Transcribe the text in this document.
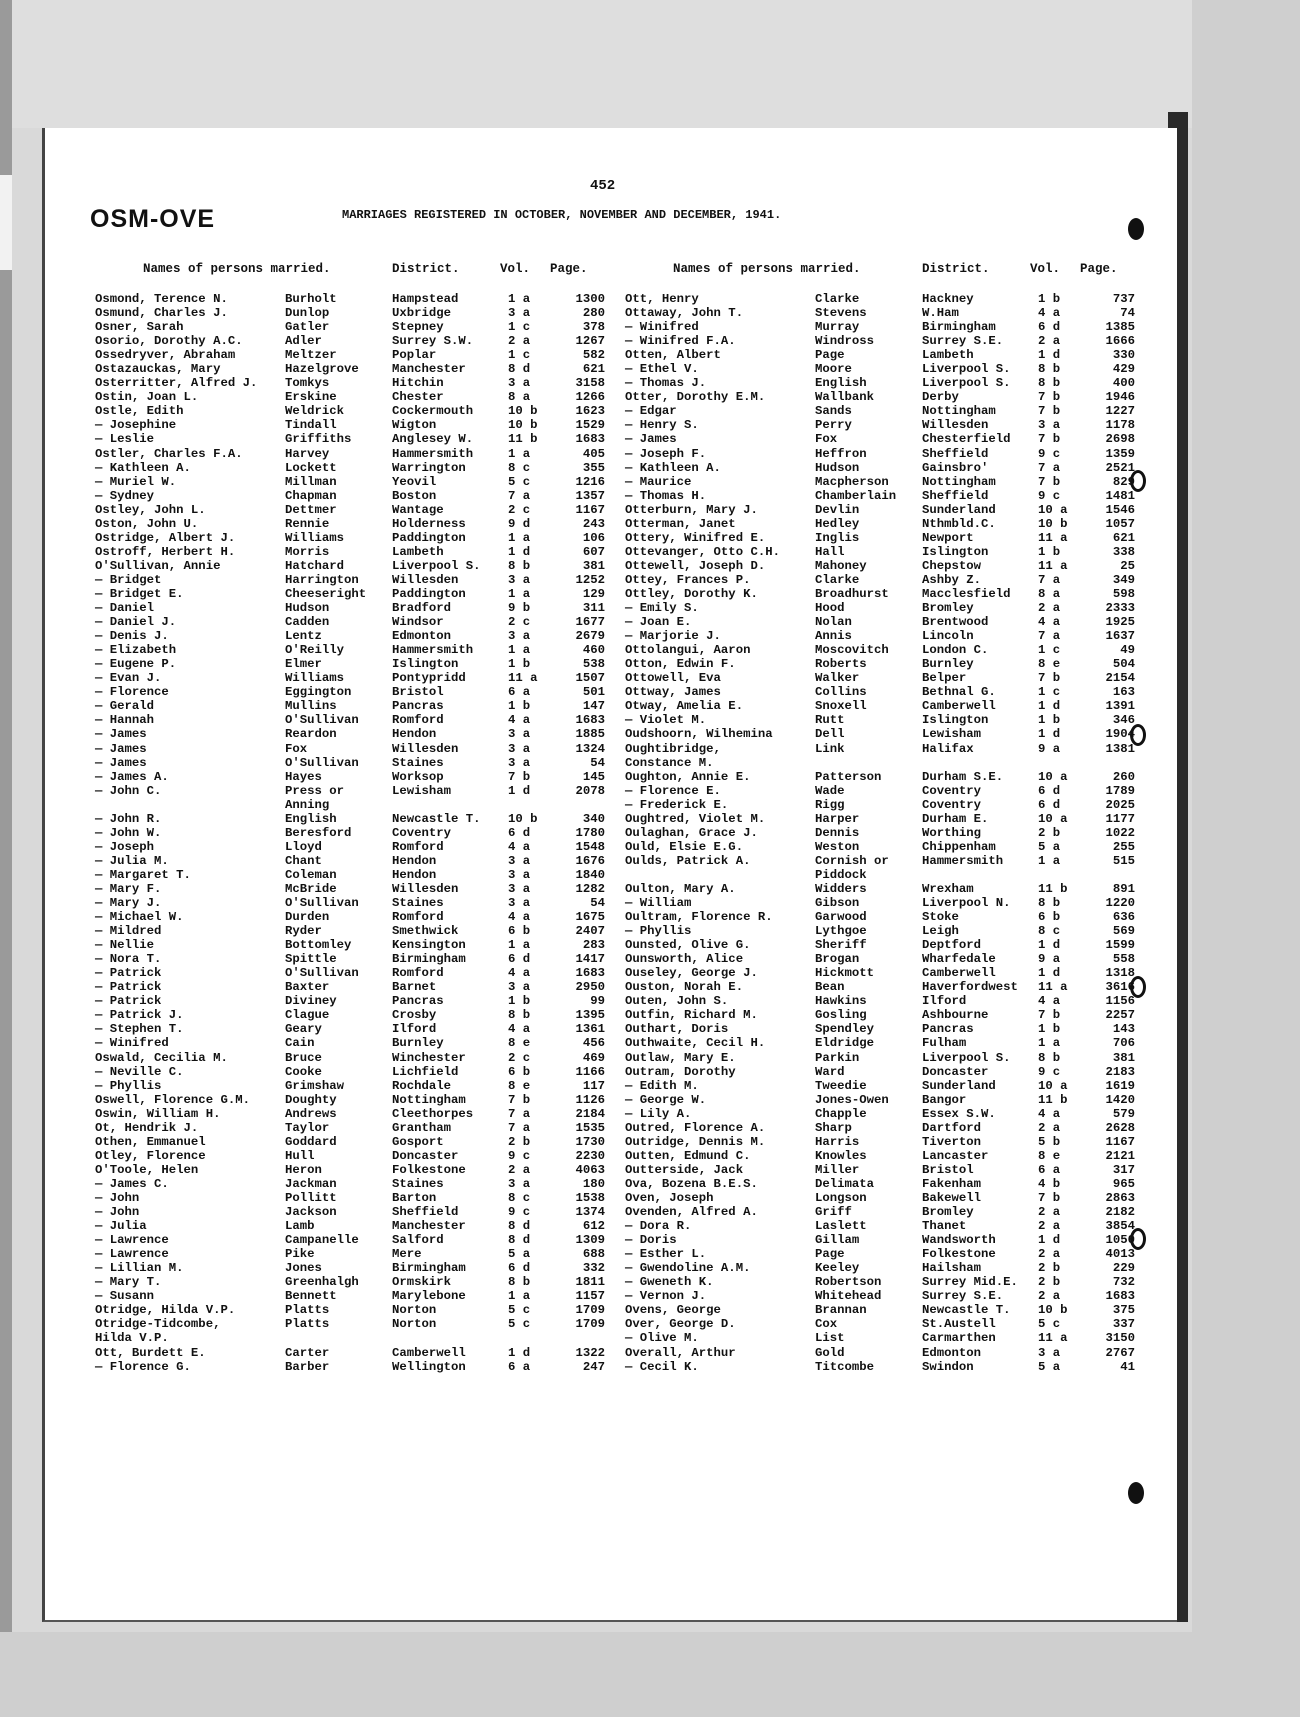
452
OSM-OVE	MARRIAGES REGISTERED IN OCTOBER, NOVEMBER AND DECEMBER, 1941.
Names of persons married.	District.	Vol. Page.
Osmond, Terence N.	Burholt	Hampstead	1 a	1300
Osmund, Charles J.	Dunlop	Uxbridge	3 a	280
Osner, Sarah	Gatler	Stepney	1 c	378
Osorio, Dorothy A.C.	Adler	Surrey S.W.	2 a	1267
Ossedryver, Abraham	Meltzer	Poplar	1 c	582
Ostazauckas, Mary	Hazelgrove	Manchester	8 d	621
Osterritter, Alfred J. Tomkys	Hitchin	3 a	3158
Ostin, Joan L.	Erskine	Chester	8 a	1266
Ostle, Edith	Weldrick	Cockermouth	10 b	1623
— Josephine	Tindall	Wigton	10 b	1529
— Leslie	Griffiths	Anglesey W.	11 b	1683
Ostler, Charles F.A.	Harvey	Hammersmith	1 a	405
— Kathleen A.	Lockett	Warrington	8 c	355
— Muriel W.	Millman	Yeovil	5 c	1216
— Sydney	Chapman	Boston	7 a	1357
Ostley, John L.	Dettmer	Wantage	2 c	1167
Oston, John U.	Rennie	Holderness	9 d	243
Ostridge, Albert J.	Williams	Paddington	1 a	106
Ostroff, Herbert H.	Morris	Lambeth	1 d	607
O'Sullivan, Annie	Hatchard	Liverpool S. 8 b	381
— Bridget	Harrington	Willesden	3 a	1252
— Bridget E.	Cheeseright Paddington	1 a	129
— Daniel	Hudson	Bradford	9 b	311
— Daniel J.	Cadden	Windsor	2 c	1677
— Denis J.	Lentz	Edmonton	3 a	2679
— Elizabeth	O'Reilly	Hammersmith	1 a	460
— Eugene P.	Elmer	Islington	1 b	538
— Evan J.	Williams	Pontypridd	11 a	1507
— Florence	Eggington	Bristol	6 a	501
— Gerald	Mullins	Pancras	1 b	147
— Hannah	O'Sullivan	Romford	4 a	1683
— James	Reardon	Hendon	3 a	1885
— James	Fox	Willesden	3 a	1324
— James	O'Sullivan	Staines	3 a	54
— James A.	Hayes	Worksop	7 b	145
— John C.	Press or	Lewisham	1 d	2078
Anning
— John R.	English	Newcastle T. 10 b	340
— John W.	Beresford	Coventry	6 d	1780
— Joseph	Lloyd	Romford	4 a	1548
— Julia M.	Chant	Hendon	3 a	1676
— Margaret T.	Coleman	Hendon	3 a	1840
— Mary F.	McBride	Willesden	3 a	1282
— Mary J.	O'Sullivan	Staines	3 a	54
— Michael W.	Durden	Romford	4 a	1675
— Mildred	Ryder	Smethwick	6 b	2407
— Nellie	Bottomley	Kensington	1 a	283
— Nora T.	Spittle	Birmingham	6 d	1417
— Patrick	O'Sullivan	Romford	4 a	1683
— Patrick	Baxter	Barnet	3 a	2950
— Patrick	Diviney	Pancras	1 b	99
— Patrick J.	Clague	Crosby	8 b	1395
— Stephen T.	Geary	Ilford	4 a	1361
— Winifred	Cain	Burnley	8 e	456
Oswald, Cecilia M.	Bruce	Winchester	2 c	469
— Neville C.	Cooke	Lichfield	6 b	1166
— Phyllis	Grimshaw	Rochdale	8 e	117
Oswell, Florence G.M.	Doughty	Nottingham	7 b	1126
Oswin, William H.	Andrews	Cleethorpes	7 a	2184
Ot, Hendrik J.	Taylor	Grantham	7 a	1535
Othen, Emmanuel	Goddard	Gosport	2 b	1730
Otley, Florence	Hull	Doncaster	9 c	2230
O'Toole, Helen	Heron	Folkestone	2 a	4063
— James C.	Jackman	Staines	3 a	180
— John	Pollitt	Barton	8 c	1538
— John	Jackson	Sheffield	9 c	1374
— Julia	Lamb	Manchester	8 d	612
— Lawrence	Campanelle	Salford	8 d	1309
— Lawrence	Pike	Mere	5 a	688
— Lillian M.	Jones	Birmingham	6 d	332
— Mary T.	Greenhalgh	Ormskirk	8 b	1811
— Susann	Bennett	Marylebone	1 a	1157
Otridge, Hilda V.P.	Platts	Norton	5 c	1709
Otridge-Tidcombe,	Platts	Norton	5 c	1709
Hilda V.P.
Ott, Burdett E.	Carter	Camberwell	1 d	1322
— Florence G.	Barber	Wellington	6 a	247
Names of persons married.	District.	Vol. Page.
Ott, Henry	Clarke	Hackney	1 b	737
Ottaway, John T.	Stevens	W.Ham	4 a	74
— Winifred	Murray	Birmingham	6 d	1385
— Winifred F.A.	Windross	Surrey S.E.	2 a	1666
Otten, Albert	Page	Lambeth	1 d	330
— Ethel V.	Moore	Liverpool S. 8 b	429
— Thomas J.	English	Liverpool S. 8 b	400
Otter, Dorothy E.M.	Wallbank	Derby	7 b	1946
— Edgar	Sands	Nottingham	7 b	1227
— Henry S.	Perry	Willesden	3 a	1178
— James	Fox	Chesterfield 7 b	2698
— Joseph F.	Heffron	Sheffield	9 c	1359
— Kathleen A.	Hudson	Gainsbro'	7 a	2521
— Maurice	Macpherson	Nottingham	7 b	829
— Thomas H.	Chamberlain Sheffield	9 c	1481
Otterburn, Mary J.	Devlin	Sunderland	10 a	1546
Otterman, Janet	Hedley	Nthmbld.C.	10 b	1057
Ottery, Winifred E.	Inglis	Newport	11 a	621
Ottevanger, Otto C.H.	Hall	Islington	1 b	338
Ottewell, Joseph D.	Mahoney	Chepstow	11 a	25
Ottey, Frances P.	Clarke	Ashby Z.	7 a	349
Ottley, Dorothy K.	Broadhurst	Macclesfield 8 a	598
— Emily S.	Hood	Bromley	2 a	2333
— Joan E.	Nolan	Brentwood	4 a	1925
— Marjorie J.	Annis	Lincoln	7 a	1637
Ottolangui, Aaron	Moscovitch	London C.	1 c	49
Otton, Edwin F.	Roberts	Burnley	8 e	504
Ottowell, Eva	Walker	Belper	7 b	2154
Ottway, James	Collins	Bethnal G.	1 c	163
Otway, Amelia E.	Snoxell	Camberwell	1 d	1391
— Violet M.	Rutt	Islington	1 b	346
Oudshoorn, Wilhemina	Dell	Lewisham	1 d	1904
Oughtibridge,	Link	Halifax	9 a	1381
Constance M.
Oughton, Annie E.	Patterson	Durham S.E.	10 a	260
— Florence E.	Wade	Coventry	6 d	1789
— Frederick E.	Rigg	Coventry	6 d	2025
Oughtred, Violet M.	Harper	Durham E.	10 a	1177
Oulaghan, Grace J.	Dennis	Worthing	2 b	1022
Ould, Elsie E.G.	Weston	Chippenham	5 a	255
Oulds, Patrick A.	Cornish or	Hammersmith	1 a	515
Piddock
Oulton, Mary A.	Widders	Wrexham	11 b	891
— William	Gibson	Liverpool N. 8 b	1220
Oultram, Florence R.	Garwood	Stoke	6 b	636
— Phyllis	Lythgoe	Leigh	8 c	569
Ounsted, Olive G.	Sheriff	Deptford	1 d	1599
Ounsworth, Alice	Brogan	Wharfedale	9 a	558
Ouseley, George J.	Hickmott	Camberwell	1 d	1318
Ouston, Norah E.	Bean	Haverfordwest 11 a	3616
Outen, John S.	Hawkins	Ilford	4 a	1156
Outfin, Richard M.	Gosling	Ashbourne	7 b	2257
Outhart, Doris	Spendley	Pancras	1 b	143
Outhwaite, Cecil H.	Eldridge	Fulham	1 a	706
Outlaw, Mary E.	Parkin	Liverpool S. 8 b	381
Outram, Dorothy	Ward	Doncaster	9 c	2183
— Edith M.	Tweedie	Sunderland	10 a	1619
— George W.	Jones-Owen	Bangor	11 b	1420
— Lily A.	Chapple	Essex S.W.	4 a	579
Outred, Florence A.	Sharp	Dartford	2 a	2628
Outridge, Dennis M.	Harris	Tiverton	5 b	1167
Outten, Edmund C.	Knowles	Lancaster	8 e	2121
Outterside, Jack	Miller	Bristol	6 a	317
Ova, Bozena B.E.S.	Delimata	Fakenham	4 b	965
Oven, Joseph	Longson	Bakewell	7 b	2863
Ovenden, Alfred A.	Griff	Bromley	2 a	2182
— Dora R.	Laslett	Thanet	2 a	3854
— Doris	Gillam	Wandsworth	1 d	1050
— Esther L.	Page	Folkestone	2 a	4013
— Gwendoline A.M.	Keeley	Hailsham	2 b	229
— Gweneth K.	Robertson	Surrey Mid.E. 2 b	732
— Vernon J.	Whitehead	Surrey S.E.	2 a	1683
Ovens, George	Brannan	Newcastle T. 10 b	375
Over, George D.	Cox	St.Austell	5 c	337
— Olive M.	List	Carmarthen	11 a	3150
Overall, Arthur	Gold	Edmonton	3 a	2767
— Cecil K.	Titcombe	Swindon	5 a	41
